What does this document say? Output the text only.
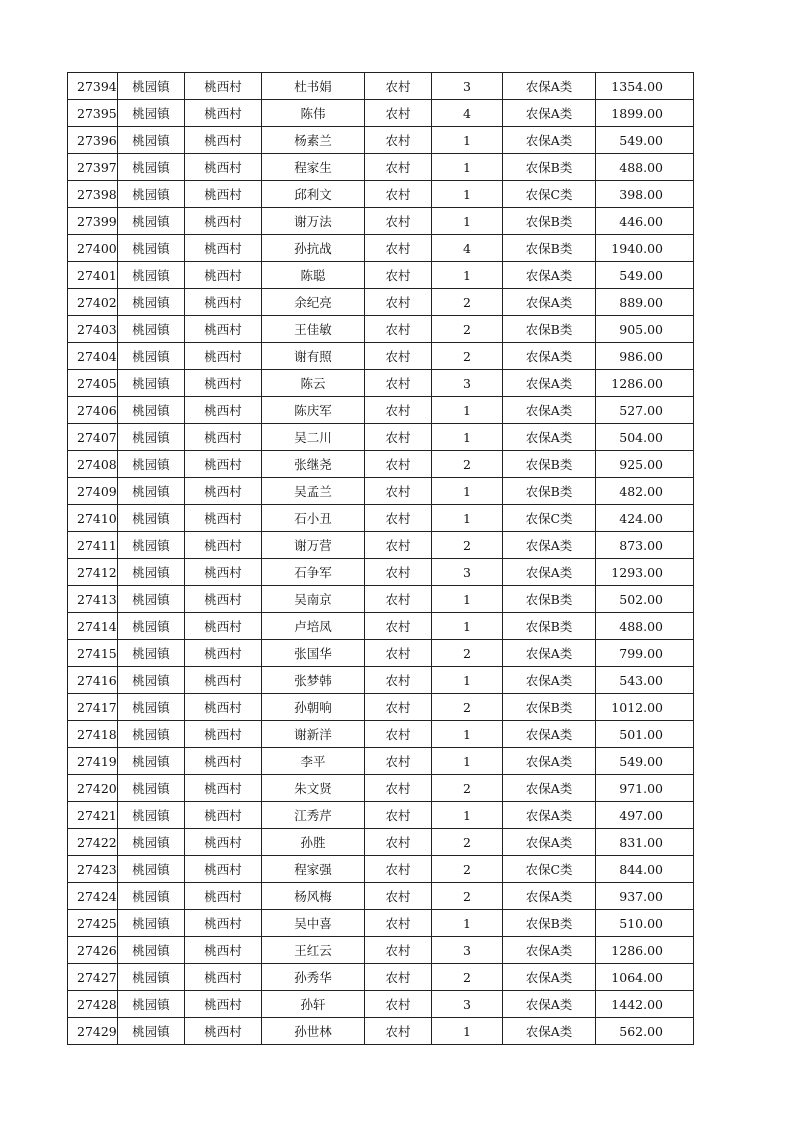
27394	桃园镇	桃西村	杜书娟	农村	3	农保A类	1354.00
27395	桃园镇	桃西村	陈伟	农村	4	农保A类	1899.00
27396	桃园镇	桃西村	杨素兰	农村	1	农保A类	549.00
27397	桃园镇	桃西村	程家生	农村	1	农保B类	488.00
27398	桃园镇	桃西村	邱利文	农村	1	农保C类	398.00
27399	桃园镇	桃西村	谢万法	农村	1	农保B类	446.00
27400	桃园镇	桃西村	孙抗战	农村	4	农保B类	1940.00
27401	桃园镇	桃西村	陈聪	农村	1	农保A类	549.00
27402	桃园镇	桃西村	余纪亮	农村	2	农保A类	889.00
27403	桃园镇	桃西村	王佳敏	农村	2	农保B类	905.00
27404	桃园镇	桃西村	谢有照	农村	2	农保A类	986.00
27405	桃园镇	桃西村	陈云	农村	3	农保A类	1286.00
27406	桃园镇	桃西村	陈庆军	农村	1	农保A类	527.00
27407	桃园镇	桃西村	吴二川	农村	1	农保A类	504.00
27408	桃园镇	桃西村	张继尧	农村	2	农保B类	925.00
27409	桃园镇	桃西村	吴孟兰	农村	1	农保B类	482.00
27410	桃园镇	桃西村	石小丑	农村	1	农保C类	424.00
27411	桃园镇	桃西村	谢万营	农村	2	农保A类	873.00
27412	桃园镇	桃西村	石争军	农村	3	农保A类	1293.00
27413	桃园镇	桃西村	吴南京	农村	1	农保B类	502.00
27414	桃园镇	桃西村	卢培凤	农村	1	农保B类	488.00
27415	桃园镇	桃西村	张国华	农村	2	农保A类	799.00
27416	桃园镇	桃西村	张梦韩	农村	1	农保A类	543.00
27417	桃园镇	桃西村	孙朝响	农村	2	农保B类	1012.00
27418	桃园镇	桃西村	谢新洋	农村	1	农保A类	501.00
27419	桃园镇	桃西村	李平	农村	1	农保A类	549.00
27420	桃园镇	桃西村	朱文贤	农村	2	农保A类	971.00
27421	桃园镇	桃西村	江秀芹	农村	1	农保A类	497.00
27422	桃园镇	桃西村	孙胜	农村	2	农保A类	831.00
27423	桃园镇	桃西村	程家强	农村	2	农保C类	844.00
27424	桃园镇	桃西村	杨风梅	农村	2	农保A类	937.00
27425	桃园镇	桃西村	吴中喜	农村	1	农保B类	510.00
27426	桃园镇	桃西村	王红云	农村	3	农保A类	1286.00
27427	桃园镇	桃西村	孙秀华	农村	2	农保A类	1064.00
27428	桃园镇	桃西村	孙轩	农村	3	农保A类	1442.00
27429	桃园镇	桃西村	孙世林	农村	1	农保A类	562.00
